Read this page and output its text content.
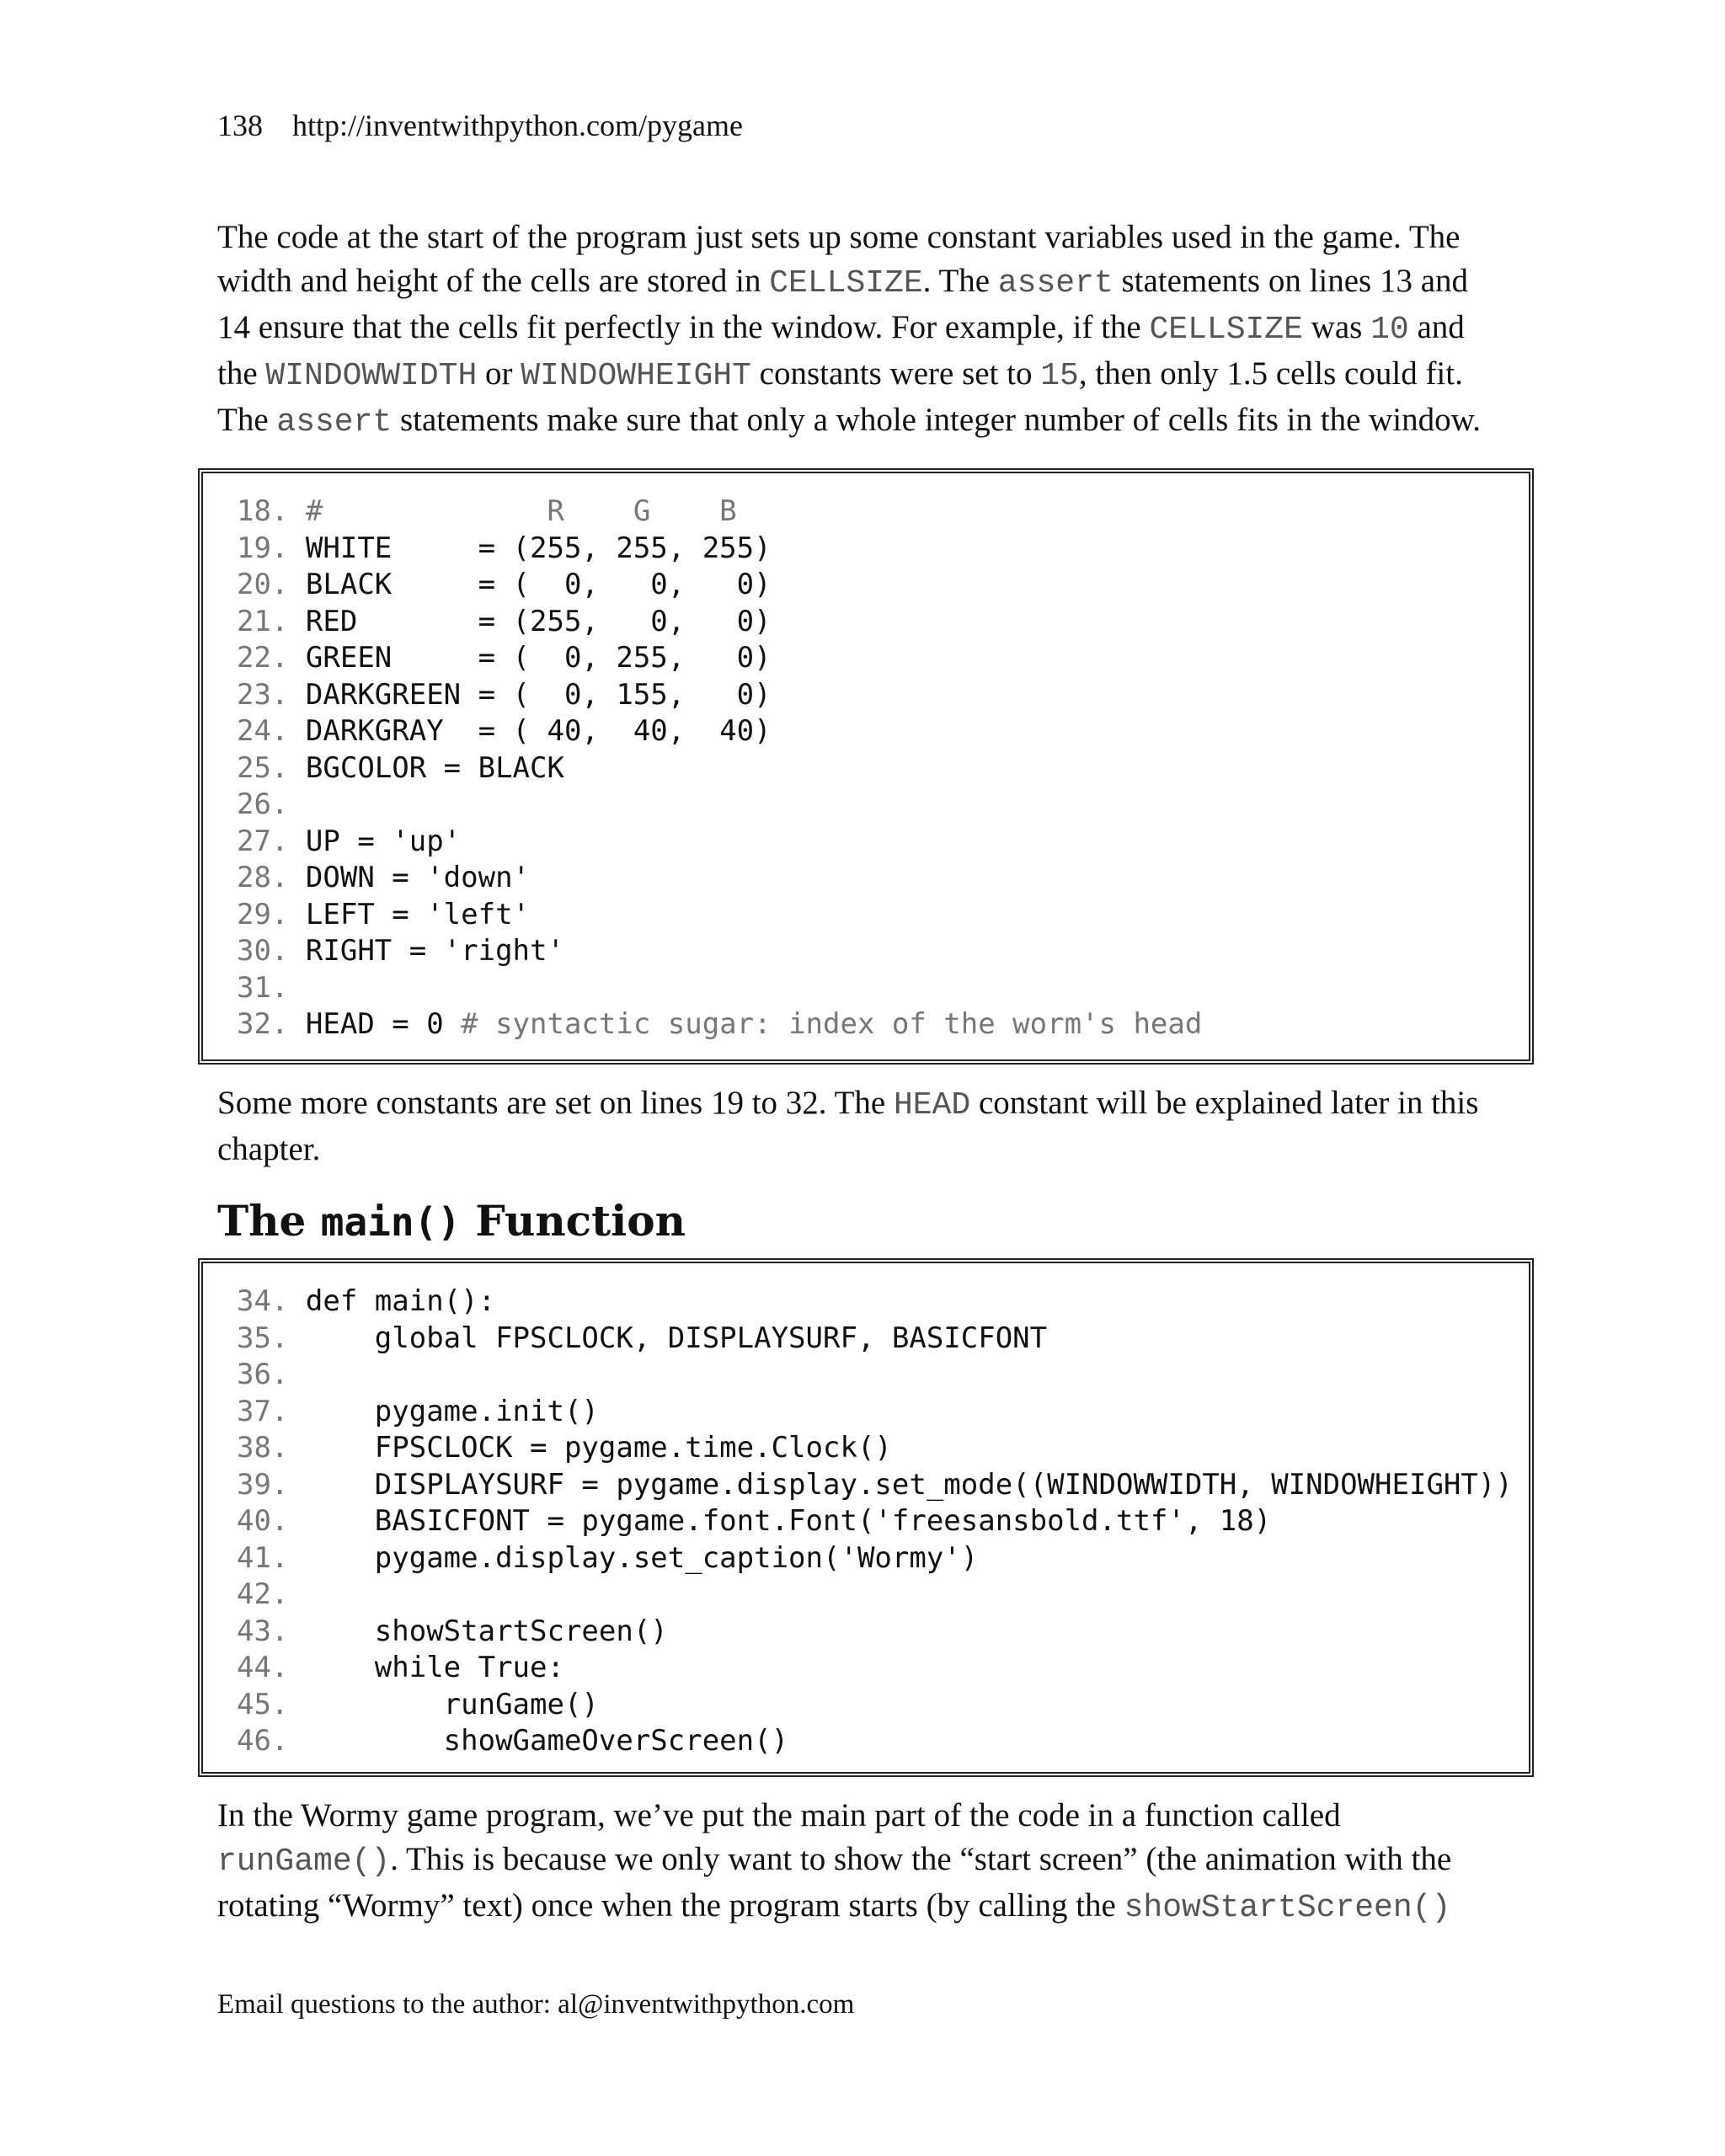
138 http://inventwithpython.com/pygame
The code at the start of the program just sets up some constant variables used in the game. The
width and height of the cells are stored in CELLSIZE. The assert statements on lines 13 and
14 ensure that the cells fit perfectly in the window. For example, if the CELLSIZE was 10 and
the WINDOWWIDTH or WINDOWHEIGHT constants were set to 15, then only 1.5 cells could fit.
The assert statements make sure that only a whole integer number of cells fits in the window.
18. #             R    G    B
19. WHITE     = (255, 255, 255)
20. BLACK     = (  0,   0,   0)
21. RED       = (255,   0,   0)
22. GREEN     = (  0, 255,   0)
23. DARKGREEN = (  0, 155,   0)
24. DARKGRAY  = ( 40,  40,  40)
25. BGCOLOR = BLACK
26.
27. UP = 'up'
28. DOWN = 'down'
29. LEFT = 'left'
30. RIGHT = 'right'
31.
32. HEAD = 0 # syntactic sugar: index of the worm's head
Some more constants are set on lines 19 to 32. The HEAD constant will be explained later in this
chapter.
The main() Function
34. def main():
35.     global FPSCLOCK, DISPLAYSURF, BASICFONT
36.
37.     pygame.init()
38.     FPSCLOCK = pygame.time.Clock()
39.     DISPLAYSURF = pygame.display.set_mode((WINDOWWIDTH, WINDOWHEIGHT))
40.     BASICFONT = pygame.font.Font('freesansbold.ttf', 18)
41.     pygame.display.set_caption('Wormy')
42.
43.     showStartScreen()
44.     while True:
45.         runGame()
46.         showGameOverScreen()
In the Wormy game program, we’ve put the main part of the code in a function called
runGame(). This is because we only want to show the “start screen” (the animation with the
rotating “Wormy” text) once when the program starts (by calling the showStartScreen()
Email questions to the author: al@inventwithpython.com
